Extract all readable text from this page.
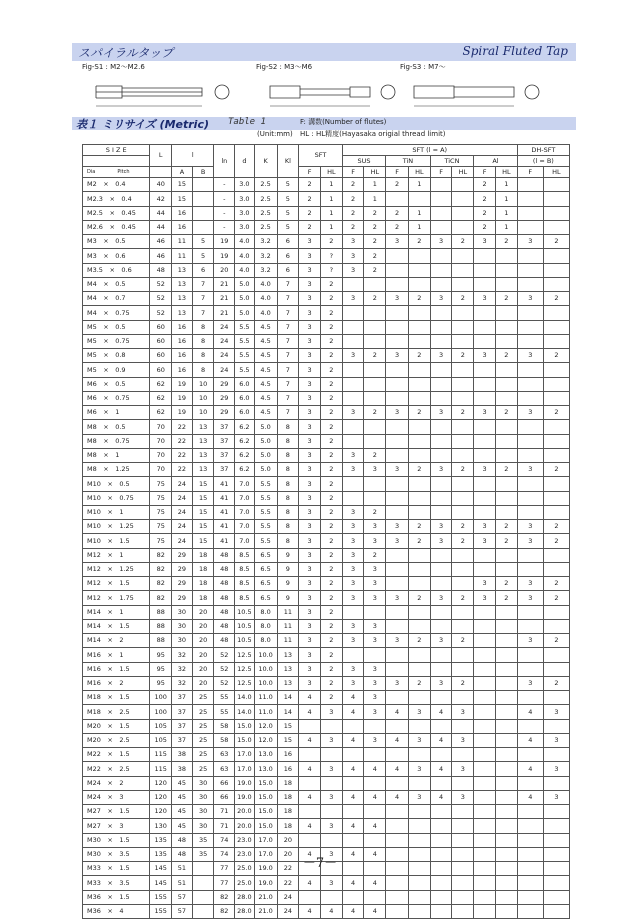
スパイラルタップ	Spiral Fluted Tap
Fig-S1 : M2～M2.6	Fig-S2 : M3～M6	Fig-S3 : M7～
表１ ミリサイズ (Metric) Table 1	F: 溝数(Number of flutes)
HL : HL精度(Hayasaka origial thread limit)
(Unit:mm)
S I Z E	L	l		ln	d	K	Kl	SFT		SFT (l = A)								DH-SFT	
										SUS		TiN		TiCN		Al		(l = B)	
Dia Pitch		A	B					F	HL	F	HL	F	HL	F	HL	F	HL	F	HL
M2　×　0.4	40	15		-	3.0	2.5	5	2	1	2	1	2	1			2	1		
M2.3　×　0.4	42	15		-	3.0	2.5	5	2	1	2	1					2	1		
M2.5　×　0.45	44	16		-	3.0	2.5	5	2	1	2	2	2	1			2	1		
M2.6　×　0.45	44	16		-	3.0	2.5	5	2	1	2	2	2	1			2	1		
M3　×　0.5	46	11	5	19	4.0	3.2	6	3	2	3	2	3	2	3	2	3	2	3	2
M3　×　0.6	46	11	5	19	4.0	3.2	6	3	?	3	2								
M3.5　×　0.6	48	13	6	20	4.0	3.2	6	3	?	3	2								
M4　×　0.5	52	13	7	21	5.0	4.0	7	3	2										
M4　×　0.7	52	13	7	21	5.0	4.0	7	3	2	3	2	3	2	3	2	3	2	3	2
M4　×　0.75	52	13	7	21	5.0	4.0	7	3	2										
M5　×　0.5	60	16	8	24	5.5	4.5	7	3	2										
M5　×　0.75	60	16	8	24	5.5	4.5	7	3	2										
M5　×　0.8	60	16	8	24	5.5	4.5	7	3	2	3	2	3	2	3	2	3	2	3	2
M5　×　0.9	60	16	8	24	5.5	4.5	7	3	2										
M6　×　0.5	62	19	10	29	6.0	4.5	7	3	2										
M6　×　0.75	62	19	10	29	6.0	4.5	7	3	2										
M6　×　1	62	19	10	29	6.0	4.5	7	3	2	3	2	3	2	3	2	3	2	3	2
M8　×　0.5	70	22	13	37	6.2	5.0	8	3	2										
M8　×　0.75	70	22	13	37	6.2	5.0	8	3	2										
M8　×　1	70	22	13	37	6.2	5.0	8	3	2	3	2								
M8　×　1.25	70	22	13	37	6.2	5.0	8	3	2	3	3	3	2	3	2	3	2	3	2
M10　×　0.5	75	24	15	41	7.0	5.5	8	3	2										
M10　×　0.75	75	24	15	41	7.0	5.5	8	3	2										
M10　×　1	75	24	15	41	7.0	5.5	8	3	2	3	2								
M10　×　1.25	75	24	15	41	7.0	5.5	8	3	2	3	3	3	2	3	2	3	2	3	2
M10　×　1.5	75	24	15	41	7.0	5.5	8	3	2	3	3	3	2	3	2	3	2	3	2
M12　×　1	82	29	18	48	8.5	6.5	9	3	2	3	2								
M12　×　1.25	82	29	18	48	8.5	6.5	9	3	2	3	3								
M12　×　1.5	82	29	18	48	8.5	6.5	9	3	2	3	3					3	2	3	2
M12　×　1.75	82	29	18	48	8.5	6.5	9	3	2	3	3	3	2	3	2	3	2	3	2
M14　×　1	88	30	20	48	10.5	8.0	11	3	2										
M14　×　1.5	88	30	20	48	10.5	8.0	11	3	2	3	3								
M14　×　2	88	30	20	48	10.5	8.0	11	3	2	3	3	3	2	3	2			3	2
M16　×　1	95	32	20	52	12.5	10.0	13	3	2										
M16　×　1.5	95	32	20	52	12.5	10.0	13	3	2	3	3								
M16　×　2	95	32	20	52	12.5	10.0	13	3	2	3	3	3	2	3	2			3	2
M18　×　1.5	100	37	25	55	14.0	11.0	14	4	2	4	3								
M18　×　2.5	100	37	25	55	14.0	11.0	14	4	3	4	3	4	3	4	3			4	3
M20　×　1.5	105	37	25	58	15.0	12.0	15												
M20　×　2.5	105	37	25	58	15.0	12.0	15	4	3	4	3	4	3	4	3			4	3
M22　×　1.5	115	38	25	63	17.0	13.0	16												
M22　×　2.5	115	38	25	63	17.0	13.0	16	4	3	4	4	4	3	4	3			4	3
M24　×　2	120	45	30	66	19.0	15.0	18												
M24　×　3	120	45	30	66	19.0	15.0	18	4	3	4	4	4	3	4	3			4	3
M27　×　1.5	120	45	30	71	20.0	15.0	18												
M27　×　3	130	45	30	71	20.0	15.0	18	4	3	4	4								
M30　×　1.5	135	48	35	74	23.0	17.0	20												
M30　×　3.5	135	48	35	74	23.0	17.0	20	4	3	4	4								
M33　×　1.5	145	51		77	25.0	19.0	22												
M33　×　3.5	145	51		77	25.0	19.0	22	4	3	4	4								
M36　×　1.5	155	57		82	28.0	21.0	24												
M36　×　4	155	57		82	28.0	21.0	24	4	4	4	4								
－7－
